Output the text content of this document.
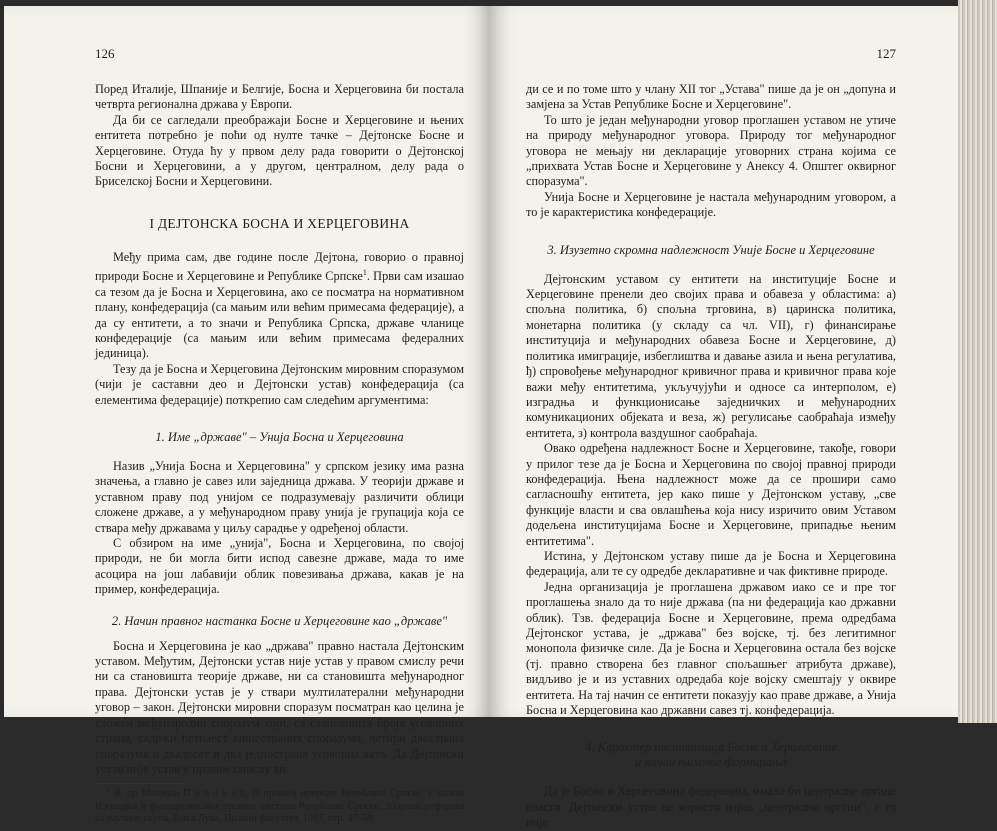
126

Поред Италије, Шпаније и Белгије, Босна и Херцеговина би постала четврта регионална држава у Европи.

Да би се сагледали преображаји Босне и Херцеговине и њених ентитета потребно је поћи од нулте тачке – Дејтонске Босне и Херцеговине. Отуда ћу у првом делу рада говорити о Дејтонској Босни и Херцеговини, а у другом, централном, делу рада о Бриселској Босни и Херцеговини.

I ДЕЈТОНСКА БОСНА И ХЕРЦЕГОВИНА

Међу прима сам, две године после Дејтона, говорио о правној природи Босне и Херцеговине и Републике Српске$^1$. Први сам изашао са тезом да је Босна и Херцеговина, ако се посматра на нормативном плану, конфедерација (са мањим или већим примесама федерације), а да су ентитети, а то значи и Република Српска, државе чланице конфедерације (са мањим или већим примесама федералних јединица).

Тезу да је Босна и Херцеговина Дејтонским мировним споразумом (чији је саставни део и Дејтонски устав) конфедерација (са елементима федерације) поткрепио сам следећим аргументима:

1. Име „државе" – Унија Босна и Херцеговина

Назив „Унија Босна и Херцеговина" у српском језику има разна значења, а главно је савез или заједница држава. У теорији државе и уставном праву под унијом се подразумевају различити облици сложене државе, а у међународном праву унија је групација која се ствара међу државама у циљу сарадње у одређеној области.

С обзиром на име „унија", Босна и Херцеговина, по својој природи, не би могла бити испод савезне државе, мада то име асоцира на још лабавији облик повезивања држава, какав је на пример, конфедерација.

2. Начин правног настанка Босне и Херцеговине као „државе"

Босна и Херцеговина је као „држава" правно настала Дејтонским уставом. Међутим, Дејтонски устав није устав у правом смислу речи ни са становишта теорије државе, ни са становишта међународног права. Дејтонски устав је у ствари мултилатерални међународни уговор – закон. Дејтонски мировни споразум посматран као целина је сложен међународни споразум који, са становишта броја уговорних страна, садржи петнаест вишестраних споразума, четири двострана споразума и двадесет и два једнострана уговорна акта. Да Дејтонски устав није устав у правом смислу ви-

¹ В. др Милијан П о п о в и ћ, О правној природи Републике Српске, у књизи Изградња и функционисање правног система Републике Српске, Зборник реферата са научног скупа, Бања Лука, Правни факултет, 1997, стр. 47–59.
127

ди се и по томе што у члану XII тог „Устава" пише да је он „допуна и замјена за Устав Републике Босне и Херцеговине".

То што је један међународни уговор проглашен уставом не утиче на природу међународног уговора. Природу тог међународног уговора не мењају ни декларације уговорних страна којима се „прихвата Устав Босне и Херцеговине у Анексу 4. Општег оквирног споразума".

Унија Босне и Херцеговине је настала међународним уговором, а то је карактеристика конфедерације.

3. Изузетно скромна надлежност Уније Босне и Херцеговине

Дејтонским уставом су ентитети на институције Босне и Херцеговине пренели део својих права и обавеза у областима: а) спољна политика, б) спољна трговина, в) царинска политика, монетарна политика (у складу са чл. VII), г) финансирање институција и међународних обавеза Босне и Херцеговине, д) политика имиграције, избеглиштва и давање азила и њена регулатива, ђ) спровођење међународног кривичног права и кривичног права које важи међу ентитетима, укључујући и односе са интерполом, е) изградња и функционисање заједничких и међународних комуникационих објеката и веза, ж) регулисање саобраћаја између ентитета, з) контрола ваздушног саобраћаја.

Овако одређена надлежност Босне и Херцеговине, такође, говори у прилог тезе да је Босна и Херцеговина по својој правној природи конфедерација. Њена надлежност може да се прошири само сагласношћу ентитета, јер како пише у Дејтонском уставу, „све функције власти и сва овлашћења која нису изричито овим Уставом додељена институцијама Босне и Херцеговине, припадње њеним ентитетима".

Истина, у Дејтонском уставу пише да је Босна и Херцеговина федерација, али те су одредбе декларативне и чак фиктивне природе.

Једна организација је проглашена државом иако се и пре тог проглашења знало да то није држава (па ни федерација као државни облик). Тзв. федерација Босне и Херцеговине, према одредбама Дејтонског устава, је „држава" без војске, тј. без легитимног монопола физичке силе. Да је Босна и Херцеговина остала без војске (тј. правно створена без главног спољашњег атрибута државе), видљиво је и из уставних одредаба које војску смештају у оквире ентитета. На тај начин се ентитети показују као праве државе, а Унија Босна и Херцеговина као државни савез тј. конфедерација.

4. Карактер институција Босне и Херцеговине
и начин њиховог формирања

Да је Босна и Херцеговина федерација, имала би централне органе власти. Дејтонски устав не користи израз „централни органи", а то није
